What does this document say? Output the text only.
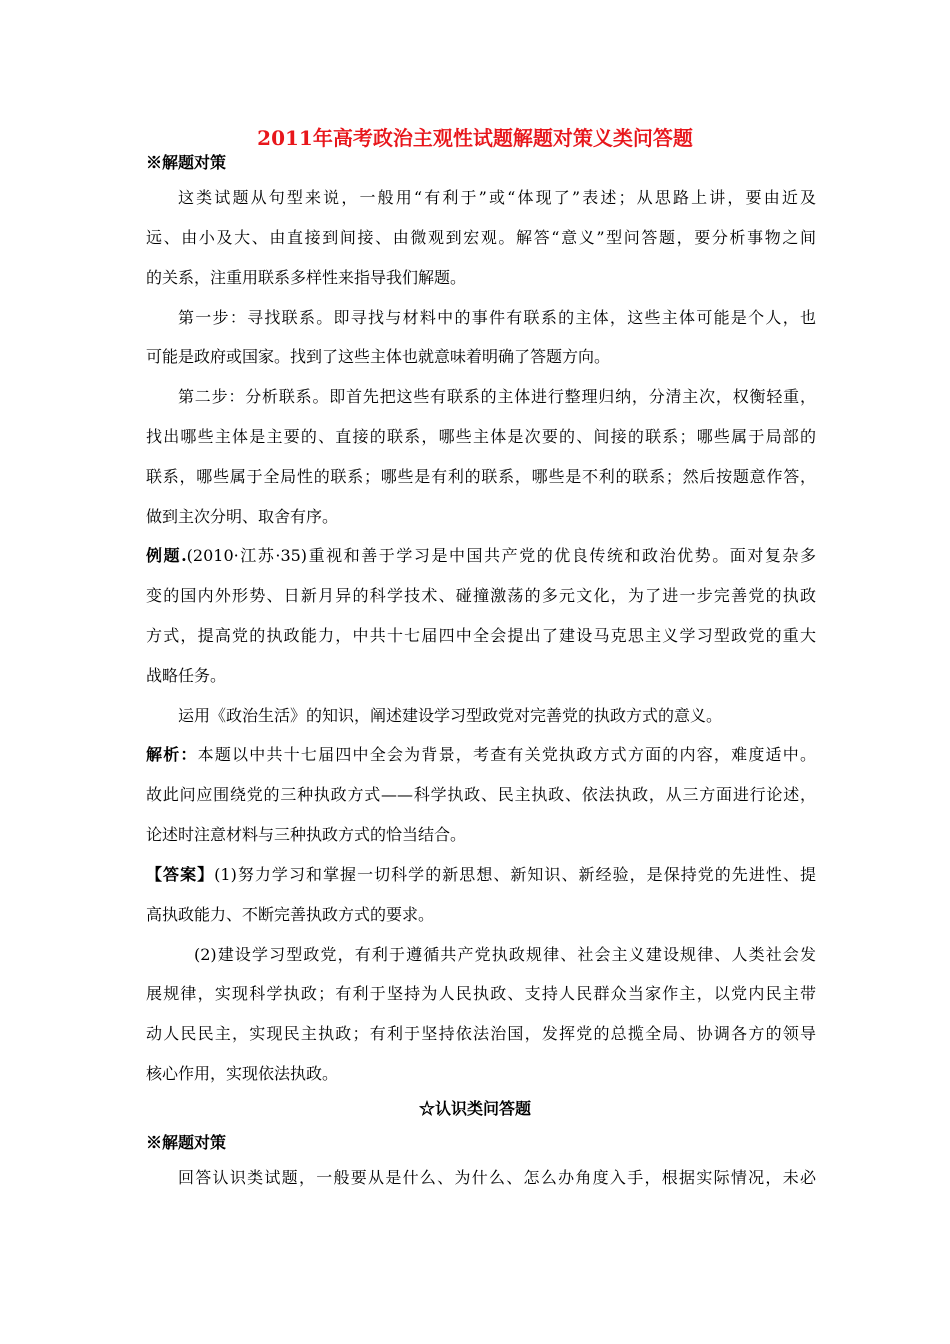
2011年高考政治主观性试题解题对策义类问答题
※解题对策
这类试题从句型来说，一般用“有利于”或“体现了”表述；从思路上讲，要由近及
远、由小及大、由直接到间接、由微观到宏观。解答“意义”型问答题，要分析事物之间
的关系，注重用联系多样性来指导我们解题。
第一步：寻找联系。即寻找与材料中的事件有联系的主体，这些主体可能是个人，也
可能是政府或国家。找到了这些主体也就意味着明确了答题方向。
第二步：分析联系。即首先把这些有联系的主体进行整理归纳，分清主次，权衡轻重，
找出哪些主体是主要的、直接的联系，哪些主体是次要的、间接的联系；哪些属于局部的
联系，哪些属于全局性的联系；哪些是有利的联系，哪些是不利的联系；然后按题意作答，
做到主次分明、取舍有序。
例题.(2010·江苏·35)重视和善于学习是中国共产党的优良传统和政治优势。面对复杂多
变的国内外形势、日新月异的科学技术、碰撞激荡的多元文化，为了进一步完善党的执政
方式，提高党的执政能力，中共十七届四中全会提出了建设马克思主义学习型政党的重大
战略任务。
运用《政治生活》的知识，阐述建设学习型政党对完善党的执政方式的意义。
解析：本题以中共十七届四中全会为背景，考查有关党执政方式方面的内容，难度适中。
故此问应围绕党的三种执政方式——科学执政、民主执政、依法执政，从三方面进行论述，
论述时注意材料与三种执政方式的恰当结合。
【答案】(1)努力学习和掌握一切科学的新思想、新知识、新经验，是保持党的先进性、提
高执政能力、不断完善执政方式的要求。
(2)建设学习型政党，有利于遵循共产党执政规律、社会主义建设规律、人类社会发
展规律，实现科学执政；有利于坚持为人民执政、支持人民群众当家作主，以党内民主带
动人民民主，实现民主执政；有利于坚持依法治国，发挥党的总揽全局、协调各方的领导
核心作用，实现依法执政。
☆认识类问答题
※解题对策
回答认识类试题，一般要从是什么、为什么、怎么办角度入手，根据实际情况，未必
